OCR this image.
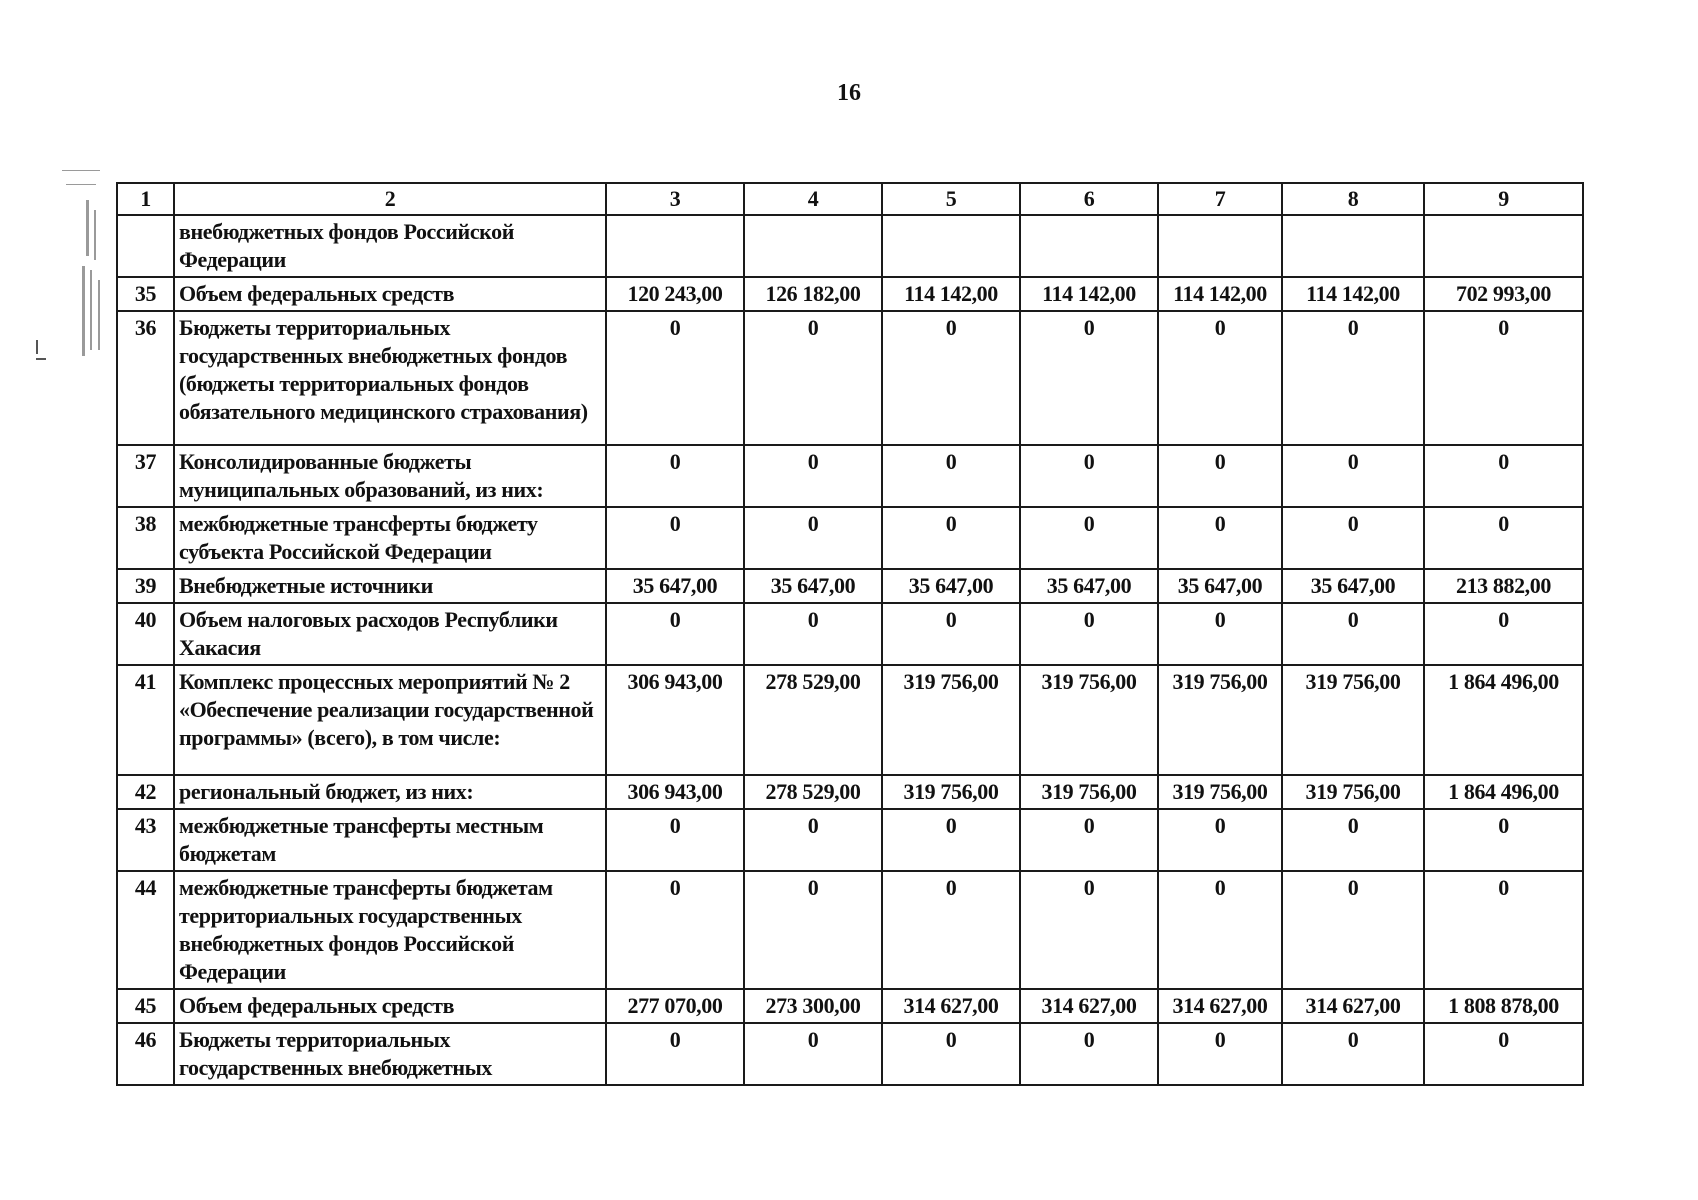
16
1	2	3	4	5	6	7	8	9
	внебюджетных фондов Российской Федерации							
35	Объем федеральных средств	120 243,00	126 182,00	114 142,00	114 142,00	114 142,00	114 142,00	702 993,00
36	Бюджеты территориальных государственных внебюджетных фондов (бюджеты территориальных фондов обязательного медицинского страхования)	0	0	0	0	0	0	0
37	Консолидированные бюджеты муниципальных образований, из них:	0	0	0	0	0	0	0
38	межбюджетные трансферты бюджету субъекта Российской Федерации	0	0	0	0	0	0	0
39	Внебюджетные источники	35 647,00	35 647,00	35 647,00	35 647,00	35 647,00	35 647,00	213 882,00
40	Объем налоговых расходов Республики Хакасия	0	0	0	0	0	0	0
41	Комплекс процессных мероприятий № 2 «Обеспечение реализации государственной программы» (всего), в том числе:	306 943,00	278 529,00	319 756,00	319 756,00	319 756,00	319 756,00	1 864 496,00
42	региональный бюджет, из них:	306 943,00	278 529,00	319 756,00	319 756,00	319 756,00	319 756,00	1 864 496,00
43	межбюджетные трансферты местным бюджетам	0	0	0	0	0	0	0
44	межбюджетные трансферты бюджетам территориальных государственных внебюджетных фондов Российской Федерации	0	0	0	0	0	0	0
45	Объем федеральных средств	277 070,00	273 300,00	314 627,00	314 627,00	314 627,00	314 627,00	1 808 878,00
46	Бюджеты территориальных государственных внебюджетных	0	0	0	0	0	0	0
